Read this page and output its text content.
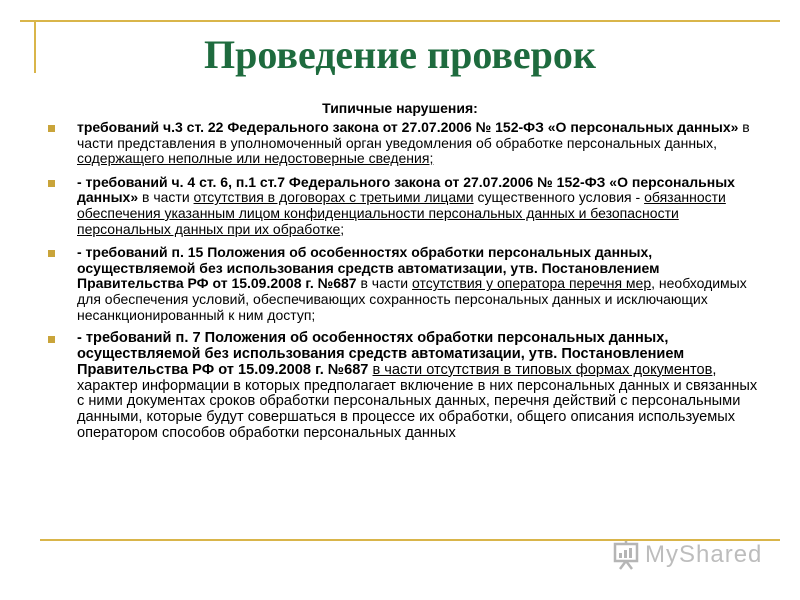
Проведение проверок
Типичные нарушения:
требований ч.3 ст. 22 Федерального закона от 27.07.2006 № 152-ФЗ «О персональных данных» в части представления в уполномоченный орган уведомления об обработке персональных данных, содержащего неполные или недостоверные сведения;
- требований ч. 4 ст. 6, п.1 ст.7 Федерального закона от 27.07.2006 № 152-ФЗ «О персональных данных» в части отсутствия в договорах с третьими лицами существенного условия - обязанности обеспечения указанным лицом конфиденциальности персональных данных и безопасности персональных данных при их обработке;
- требований п. 15 Положения об особенностях обработки персональных данных, осуществляемой без использования средств автоматизации, утв. Постановлением Правительства РФ от 15.09.2008 г. №687 в части отсутствия у оператора перечня мер, необходимых для обеспечения условий, обеспечивающих сохранность персональных данных и исключающих несанкционированный к ним доступ;
- требований п. 7 Положения об особенностях обработки персональных данных, осуществляемой без использования средств автоматизации, утв. Постановлением Правительства РФ от 15.09.2008 г. №687 в части отсутствия в типовых формах документов, характер информации в которых предполагает включение в них персональных данных и связанных с ними документах сроков обработки персональных данных, перечня действий с персональными данными, которые будут совершаться в процессе их обработки, общего описания используемых оператором способов обработки персональных данных
MyShared
